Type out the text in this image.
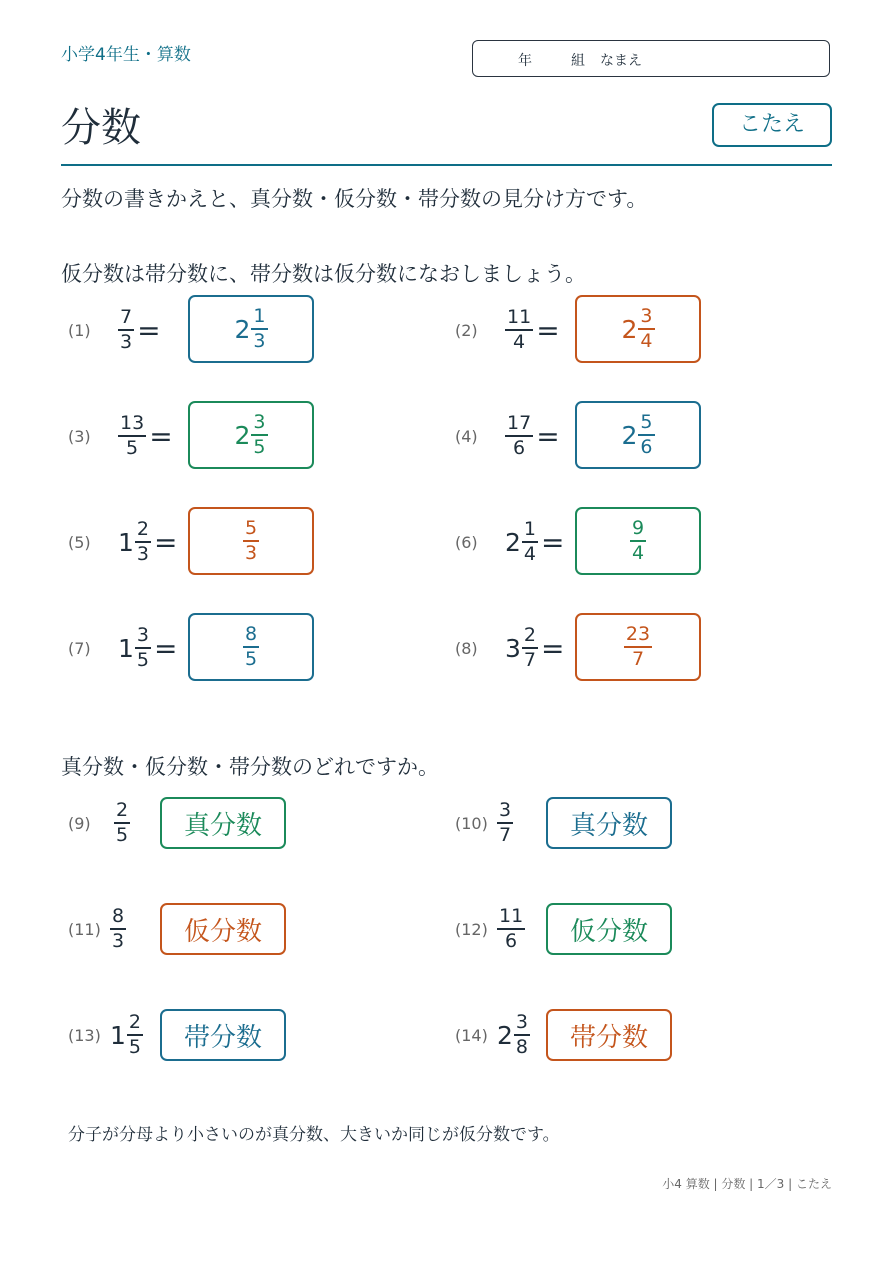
小学4年生・算数	年	組 なまえ
分数	こたえ
分数の書きかえと、真分数・仮分数・帯分数の見分け方です。
仮分数は帯分数に、帯分数は仮分数になおしましょう。
(1)	$\frac{7}{3}$ =	$2 \frac{1}{3}$	(2)	$\frac{11}{4} = 2 \frac{3}{4}$
(3)	$\frac{13}{5} = 2 \frac{3}{5}$	(4)	$\frac{17}{6} = 2 \frac{5}{6}$
(5)	$1 \frac{2}{3}$ =	$\frac{5}{3}$	(6)	$2 \frac{1}{4}$ =	$\frac{9}{4}$
(7)	$1 \frac{3}{5}$ =	$\frac{8}{5}$	(8)	$3 \frac{2}{7}$ =	$\frac{23}{7}$
真分数・仮分数・帯分数のどれですか。
(9)	$\frac{2}{5}$	真分数	$(10) \frac{3}{7}$	真分数
$(11) \frac{8}{3}$	仮分数	$(12) \frac{11}{6}$	仮分数
(13) $1 \frac{2}{5}$	帯分数	(14) $2 \frac{3}{8}$	帯分数
分子が分母より小さいのが真分数、大きいか同じが仮分数です。
小4 算数 | 分数 | 1／3 | こたえ
